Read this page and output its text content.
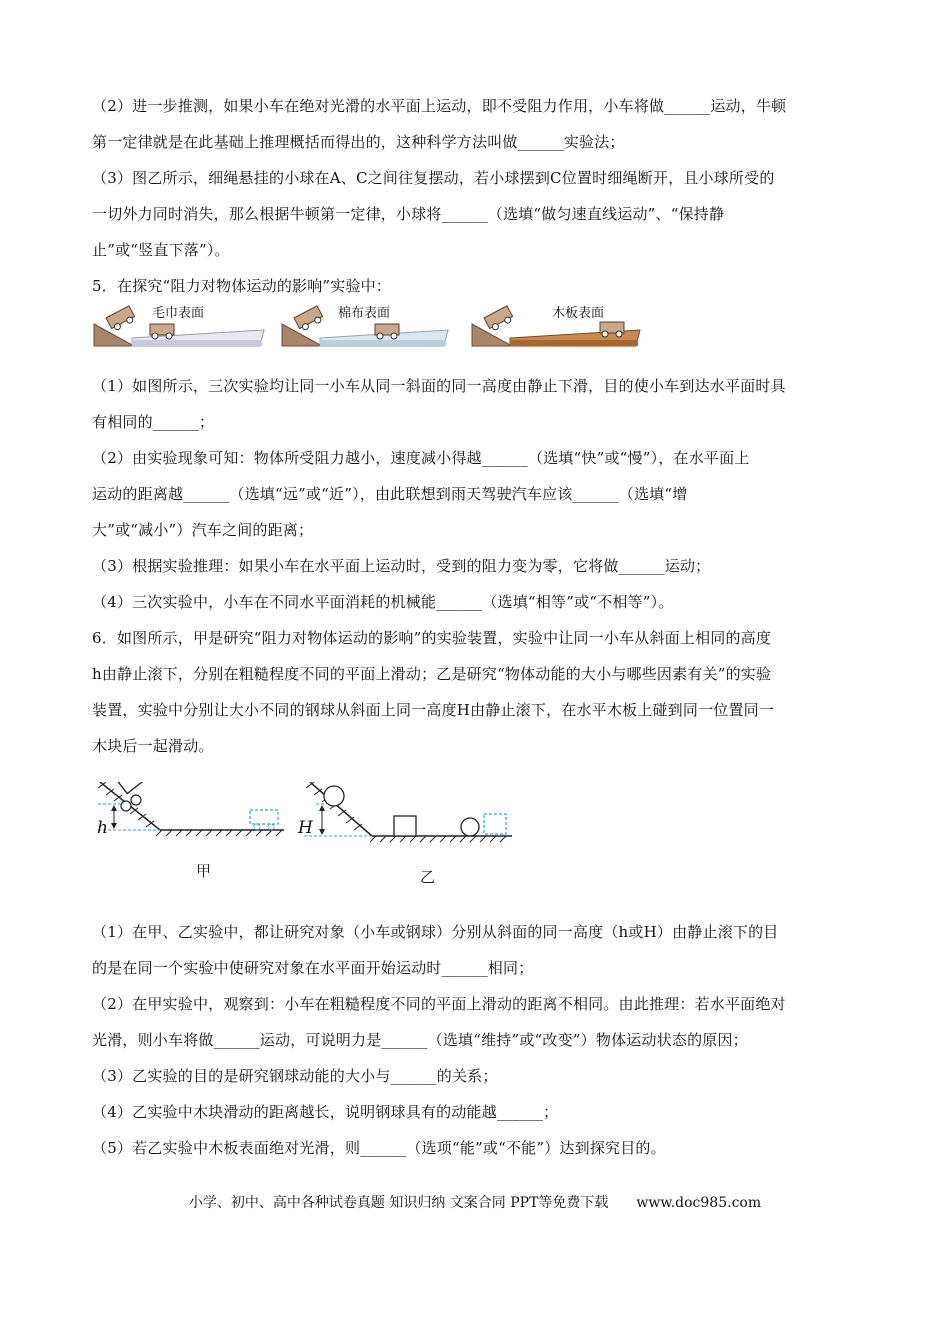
（2）进一步推测，如果小车在绝对光滑的水平面上运动，即不受阻力作用，小车将做______运动，牛顿
第一定律就是在此基础上推理概括而得出的，这种科学方法叫做______实验法；
（3）图乙所示，细绳悬挂的小球在A、C之间往复摆动，若小球摆到C位置时细绳断开，且小球所受的
一切外力同时消失，那么根据牛顿第一定律，小球将______（选填“做匀速直线运动”、“保持静
止”或“竖直下落”）。
5．在探究“阻力对物体运动的影响”实验中：
毛巾表面	棉布表面	木板表面
（1）如图所示，三次实验均让同一小车从同一斜面的同一高度由静止下滑，目的使小车到达水平面时具
有相同的______；
（2）由实验现象可知：物体所受阻力越小，速度减小得越______（选填“快”或“慢”），在水平面上
运动的距离越______（选填“远”或“近”），由此联想到雨天驾驶汽车应该______（选填“增
大”或“减小”）汽车之间的距离；
（3）根据实验推理：如果小车在水平面上运动时，受到的阻力变为零，它将做______运动；
（4）三次实验中，小车在不同水平面消耗的机械能______（选填“相等”或“不相等”）。
6．如图所示，甲是研究“阻力对物体运动的影响”的实验装置，实验中让同一小车从斜面上相同的高度
h由静止滚下，分别在粗糙程度不同的平面上滑动；乙是研究“物体动能的大小与哪些因素有关”的实验
装置，实验中分别让大小不同的钢球从斜面上同一高度H由静止滚下，在水平木板上碰到同一位置同一
木块后一起滑动。
h	H
甲	乙
（1）在甲、乙实验中，都让研究对象（小车或钢球）分别从斜面的同一高度（h或H）由静止滚下的目
的是在同一个实验中使研究对象在水平面开始运动时______相同；
（2）在甲实验中，观察到：小车在粗糙程度不同的平面上滑动的距离不相同。由此推理：若水平面绝对
光滑，则小车将做______运动，可说明力是______（选填“维持”或“改变”）物体运动状态的原因；
（3）乙实验的目的是研究钢球动能的大小与______的关系；
（4）乙实验中木块滑动的距离越长，说明钢球具有的动能越______；
（5）若乙实验中木板表面绝对光滑，则______（选项“能”或“不能”）达到探究目的。
小学、初中、高中各种试卷真题 知识归纳 文案合同 PPT等免费下载 www.doc985.com
